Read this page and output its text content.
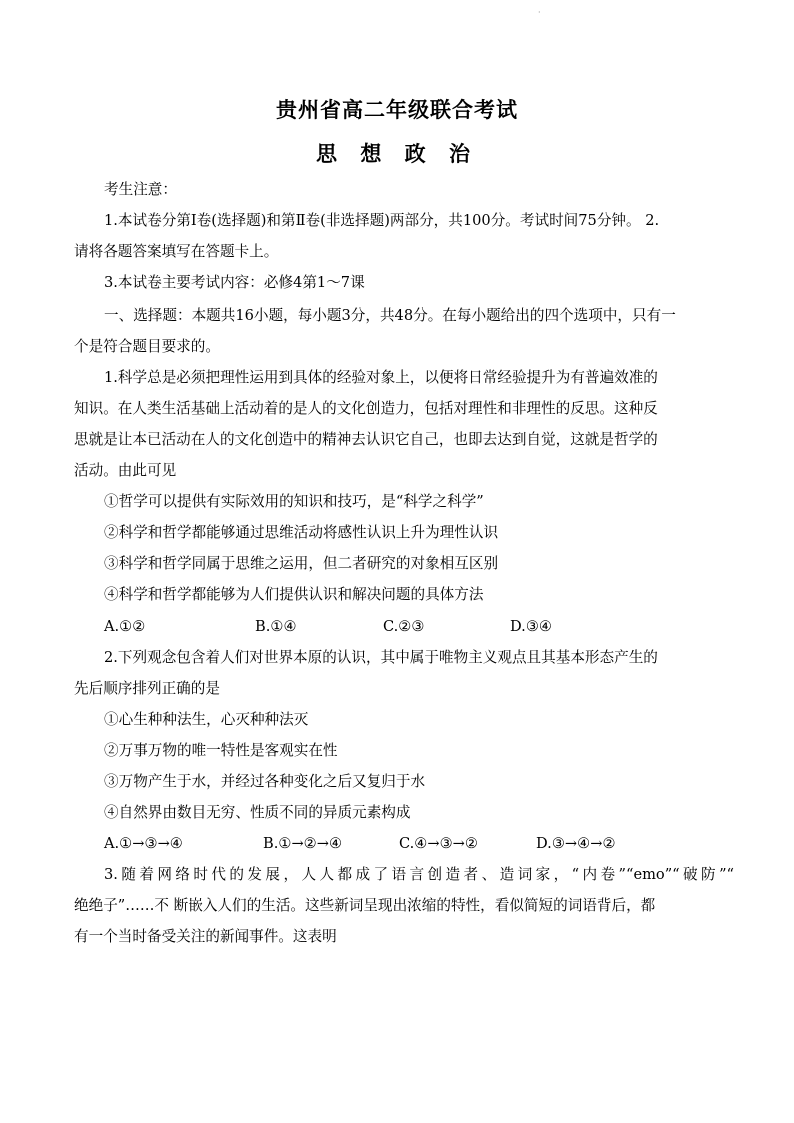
·
贵州省高二年级联合考试
思 想 政 治
考生注意：
1.本试卷分第Ⅰ卷(选择题)和第Ⅱ卷(非选择题)两部分，共100分。考试时间75分钟。 2.
请将各题答案填写在答题卡上。
3.本试卷主要考试内容：必修4第1～7课
一、选择题：本题共16小题，每小题3分，共48分。在每小题给出的四个选项中，只有一
个是符合题目要求的。
1.科学总是必须把理性运用到具体的经验对象上，以便将日常经验提升为有普遍效准的
知识。在人类生活基础上活动着的是人的文化创造力，包括对理性和非理性的反思。这种反
思就是让本已活动在人的文化创造中的精神去认识它自己，也即去达到自觉，这就是哲学的
活动。由此可见
①哲学可以提供有实际效用的知识和技巧，是“科学之科学”
②科学和哲学都能够通过思维活动将感性认识上升为理性认识
③科学和哲学同属于思维之运用，但二者研究的对象相互区别
④科学和哲学都能够为人们提供认识和解决问题的具体方法
A.①②	B.①④	C.②③	D.③④
2.下列观念包含着人们对世界本原的认识，其中属于唯物主义观点且其基本形态产生的
先后顺序排列正确的是
①心生种种法生，心灭种种法灭
②万事万物的唯一特性是客观实在性
③万物产生于水，并经过各种变化之后又复归于水
④自然界由数目无穷、性质不同的异质元素构成
A.①→③→④	B.①→②→④	C.④→③→②	D.③→④→②
3.随着网络时代的发展，人人都成了语言创造者、造词家，“内卷”“emo”“破防”“
绝绝子”……不 断嵌入人们的生活。这些新词呈现出浓缩的特性，看似简短的词语背后，都
有一个当时备受关注的新闻事件。这表明
